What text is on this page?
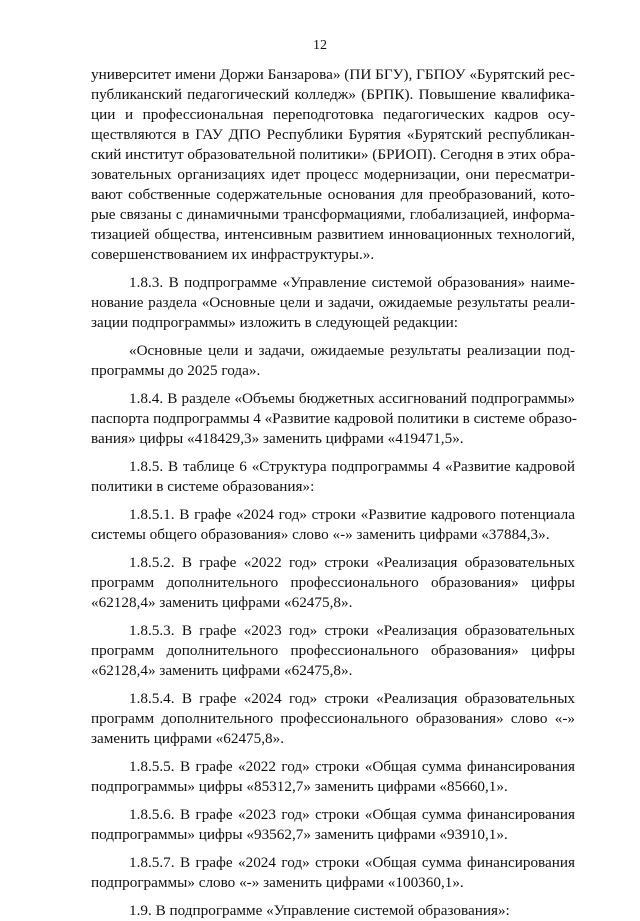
12
университет имени Доржи Банзарова» (ПИ БГУ), ГБПОУ «Бурятский рес-
публиканский педагогический колледж» (БРПК). Повышение квалифика-
ции и профессиональная переподготовка педагогических кадров осу-
ществляются в ГАУ ДПО Республики Бурятия «Бурятский республикан-
ский институт образовательной политики» (БРИОП). Сегодня в этих обра-
зовательных организациях идет процесс модернизации, они пересматри-
вают собственные содержательные основания для преобразований, кото-
рые связаны с динамичными трансформациями, глобализацией, информа-
тизацией общества, интенсивным развитием инновационных технологий,
совершенствованием их инфраструктуры.».
1.8.3. В подпрограмме «Управление системой образования» наиме-
нование раздела «Основные цели и задачи, ожидаемые результаты реали-
зации подпрограммы» изложить в следующей редакции:
«Основные цели и задачи, ожидаемые результаты реализации под-
программы до 2025 года».
1.8.4. В разделе «Объемы бюджетных ассигнований подпрограммы»
паспорта подпрограммы 4 «Развитие кадровой политики в системе образо-
вания» цифры «418429,3» заменить цифрами «419471,5».
1.8.5. В таблице 6 «Структура подпрограммы 4 «Развитие кадровой
политики в системе образования»:
1.8.5.1. В графе «2024 год» строки «Развитие кадрового потенциала
системы общего образования» слово «-» заменить цифрами «37884,3».
1.8.5.2. В графе «2022 год» строки «Реализация образовательных
программ дополнительного профессионального образования» цифры
«62128,4» заменить цифрами «62475,8».
1.8.5.3. В графе «2023 год» строки «Реализация образовательных
программ дополнительного профессионального образования» цифры
«62128,4» заменить цифрами «62475,8».
1.8.5.4. В графе «2024 год» строки «Реализация образовательных
программ дополнительного профессионального образования» слово «-»
заменить цифрами «62475,8».
1.8.5.5. В графе «2022 год» строки «Общая сумма финансирования
подпрограммы» цифры «85312,7» заменить цифрами «85660,1».
1.8.5.6. В графе «2023 год» строки «Общая сумма финансирования
подпрограммы» цифры «93562,7» заменить цифрами «93910,1».
1.8.5.7. В графе «2024 год» строки «Общая сумма финансирования
подпрограммы» слово «-» заменить цифрами «100360,1».
1.9. В подпрограмме «Управление системой образования»:
